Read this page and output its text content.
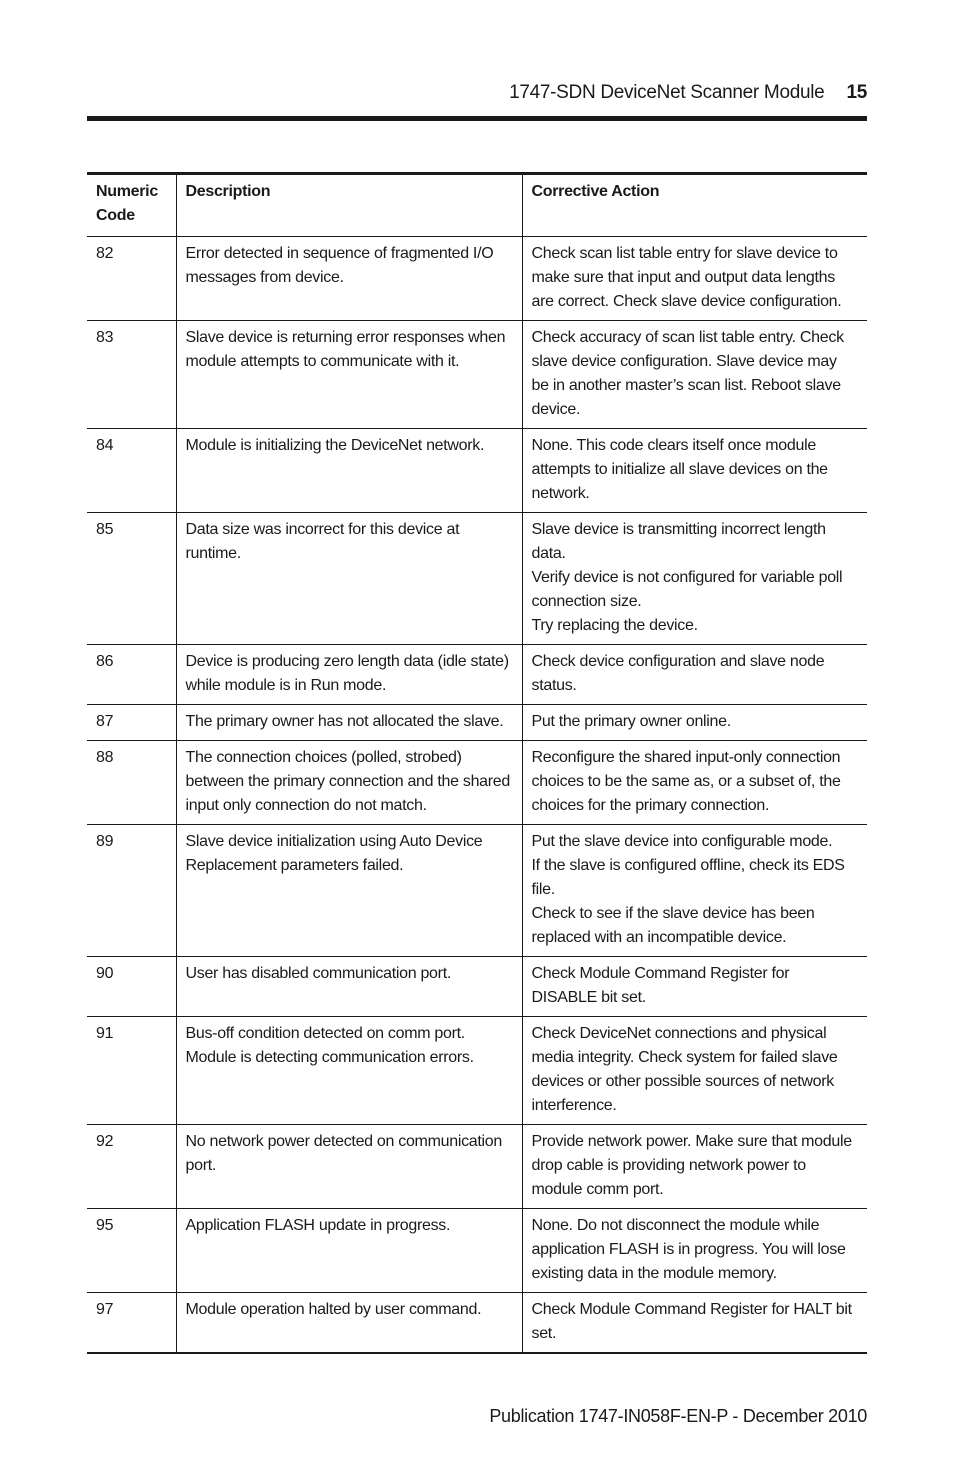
1747-SDN DeviceNet Scanner Module 15
Numeric Code	Description	Corrective Action
82	Error detected in sequence of fragmented I/O messages from device.	Check scan list table entry for slave device to make sure that input and output data lengths are correct. Check slave device configuration.

83	Slave device is returning error responses when module attempts to communicate with it.	Check accuracy of scan list table entry. Check slave device configuration. Slave device may be in another master’s scan list. Reboot slave device.

84	Module is initializing the DeviceNet network.	None. This code clears itself once module attempts to initialize all slave devices on the network.

85	Data size was incorrect for this device at runtime.	Slave device is transmitting incorrect length data.
Verify device is not configured for variable poll connection size.
Try replacing the device.

86	Device is producing zero length data (idle state) while module is in Run mode.	Check device configuration and slave node status.

87	The primary owner has not allocated the slave.	Put the primary owner online.

88	The connection choices (polled, strobed) between the primary connection and the shared input only connection do not match.	Reconfigure the shared input-only connection choices to be the same as, or a subset of, the choices for the primary connection.

89	Slave device initialization using Auto Device Replacement parameters failed.	Put the slave device into configurable mode.
If the slave is configured offline, check its EDS file.
Check to see if the slave device has been replaced with an incompatible device.

90	User has disabled communication port.	Check Module Command Register for DISABLE bit set.

91	Bus-off condition detected on comm port.
Module is detecting communication errors.	Check DeviceNet connections and physical media integrity. Check system for failed slave devices or other possible sources of network interference.

92	No network power detected on communication port.	Provide network power. Make sure that module drop cable is providing network power to module comm port.

95	Application FLASH update in progress.	None. Do not disconnect the module while application FLASH is in progress. You will lose existing data in the module memory.

97	Module operation halted by user command.	Check Module Command Register for HALT bit set.
Publication 1747-IN058F-EN-P - December 2010
